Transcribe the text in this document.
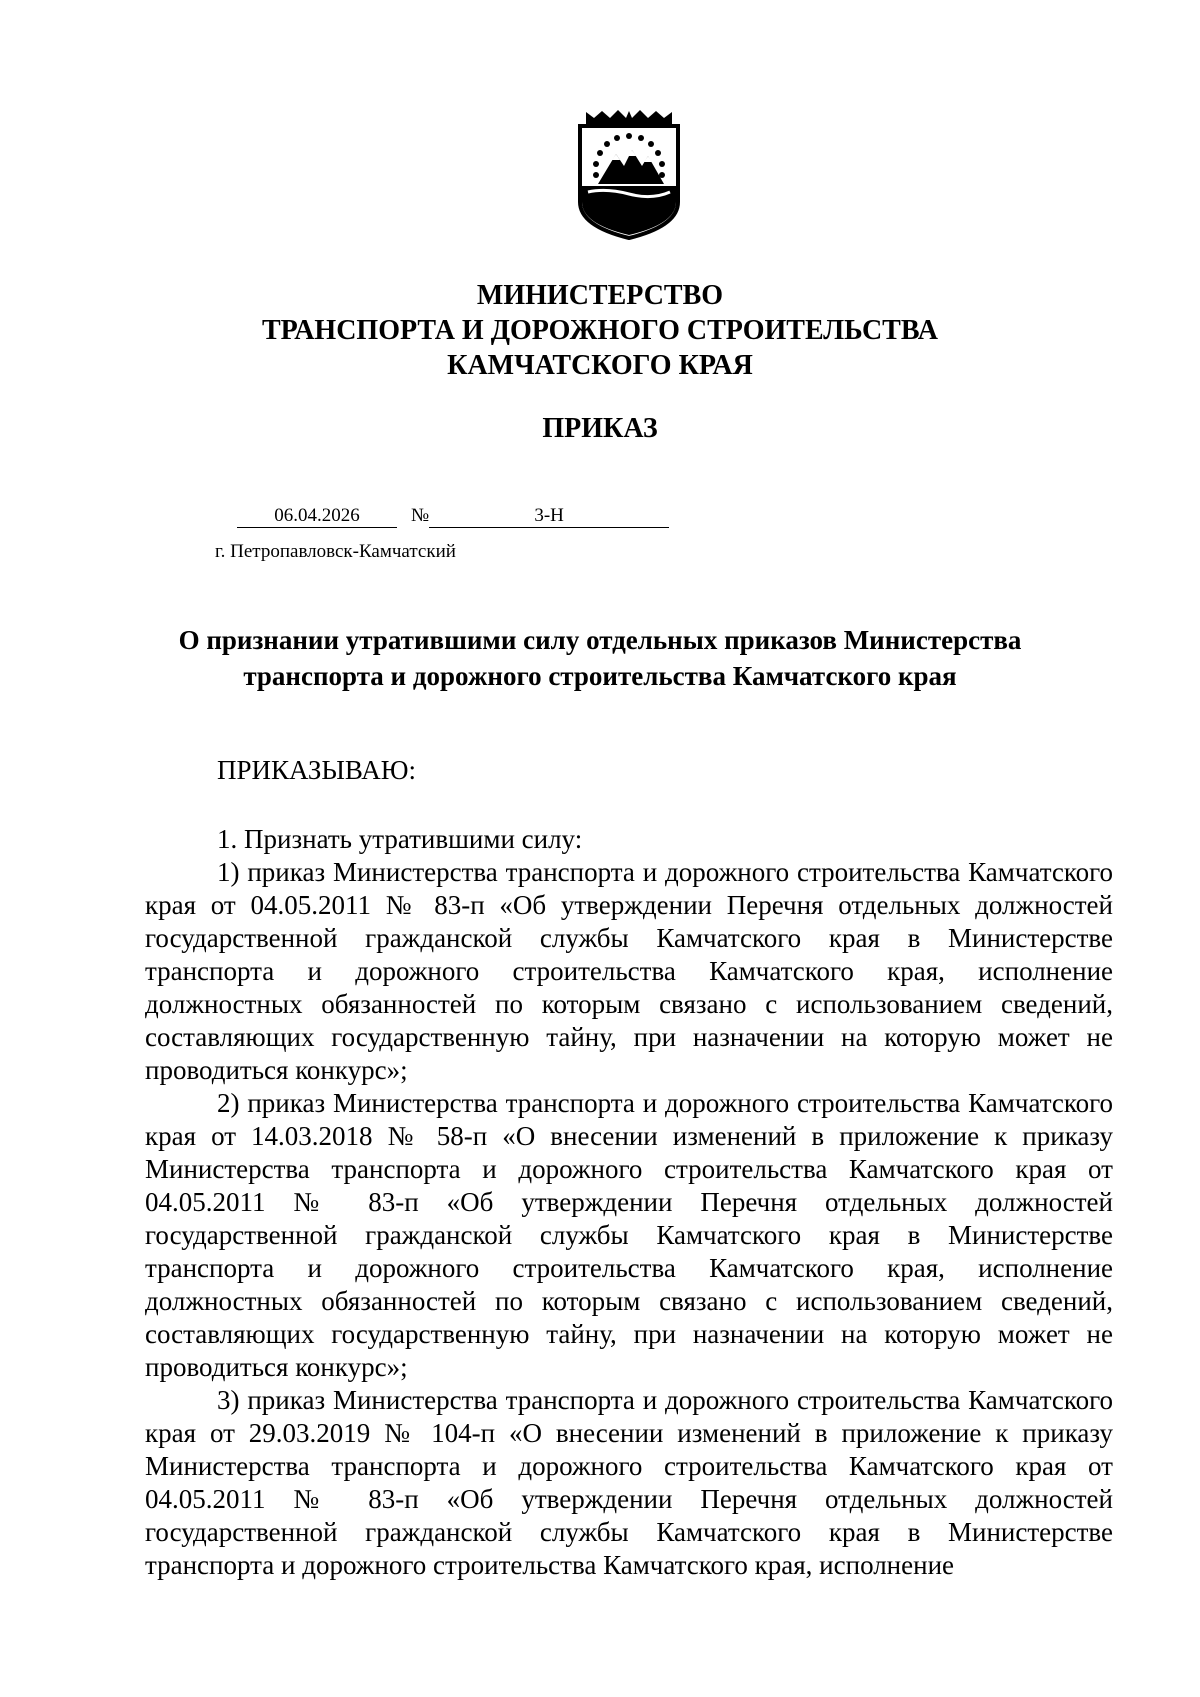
МИНИСТЕРСТВО
ТРАНСПОРТА И ДОРОЖНОГО СТРОИТЕЛЬСТВА
КАМЧАТСКОГО КРАЯ
ПРИКАЗ
06.04.2026	№	3-Н
г. Петропавловск-Камчатский
О признании утратившими силу отдельных приказов Министерства
транспорта и дорожного строительства Камчатского края

ПРИКАЗЫВАЮ:

1. Признать утратившими силу:

1) приказ Министерства транспорта и дорожного строительства Камчатского края от 04.05.2011 № 83-п «Об утверждении Перечня отдельных должностей государственной гражданской службы Камчатского края в Министерстве транспорта и дорожного строительства Камчатского края, исполнение должностных обязанностей по которым связано с использованием сведений, составляющих государственную тайну, при назначении на которую может не проводиться конкурс»;

2) приказ Министерства транспорта и дорожного строительства Камчатского края от 14.03.2018 № 58-п «О внесении изменений в приложение к приказу Министерства транспорта и дорожного строительства Камчатского края от 04.05.2011 № 83-п «Об утверждении Перечня отдельных должностей государственной гражданской службы Камчатского края в Министерстве транспорта и дорожного строительства Камчатского края, исполнение должностных обязанностей по которым связано с использованием сведений, составляющих государственную тайну, при назначении на которую может не проводиться конкурс»;

3) приказ Министерства транспорта и дорожного строительства Камчатского края от 29.03.2019 № 104-п «О внесении изменений в приложение к приказу Министерства транспорта и дорожного строительства Камчатского края от 04.05.2011 № 83-п «Об утверждении Перечня отдельных должностей государственной гражданской службы Камчатского края в Министерстве транспорта и дорожного строительства Камчатского края, исполнение
